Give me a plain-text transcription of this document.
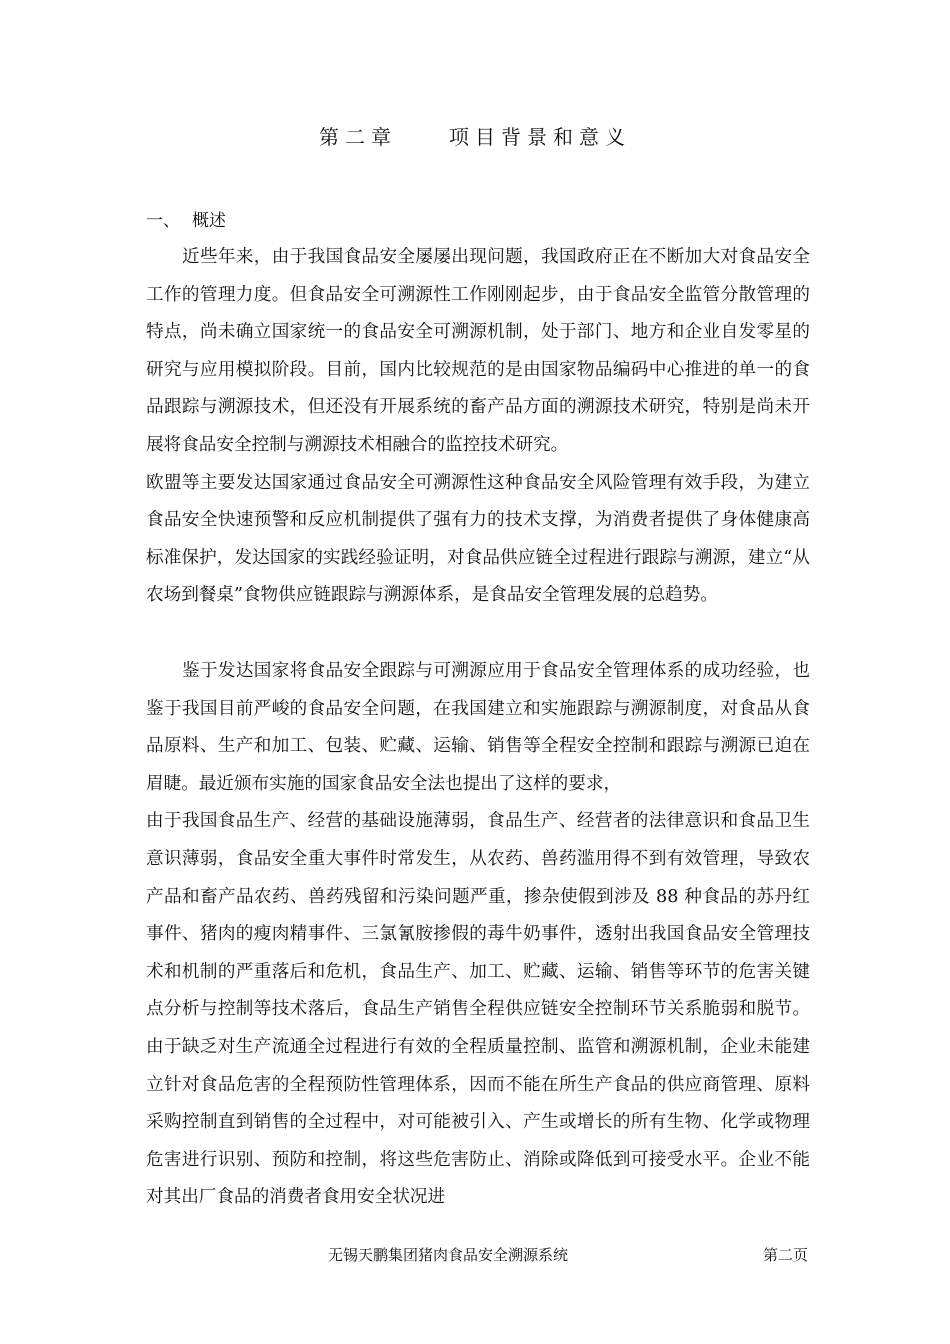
第二章	项目背景和意义
一、 概述

近些年来，由于我国食品安全屡屡出现问题，我国政府正在不断加大对食品安全工作的管理力度。但食品安全可溯源性工作刚刚起步，由于食品安全监管分散管理的特点，尚未确立国家统一的食品安全可溯源机制，处于部门、地方和企业自发零星的研究与应用模拟阶段。目前，国内比较规范的是由国家物品编码中心推进的单一的食品跟踪与溯源技术，但还没有开展系统的畜产品方面的溯源技术研究，特别是尚未开展将食品安全控制与溯源技术相融合的监控技术研究。

欧盟等主要发达国家通过食品安全可溯源性这种食品安全风险管理有效手段，为建立食品安全快速预警和反应机制提供了强有力的技术支撑，为消费者提供了身体健康高标准保护，发达国家的实践经验证明，对食品供应链全过程进行跟踪与溯源，建立“从农场到餐桌”食物供应链跟踪与溯源体系，是食品安全管理发展的总趋势。

鉴于发达国家将食品安全跟踪与可溯源应用于食品安全管理体系的成功经验，也鉴于我国目前严峻的食品安全问题，在我国建立和实施跟踪与溯源制度，对食品从食品原料、生产和加工、包装、贮藏、运输、销售等全程安全控制和跟踪与溯源已迫在眉睫。最近颁布实施的国家食品安全法也提出了这样的要求，

由于我国食品生产、经营的基础设施薄弱，食品生产、经营者的法律意识和食品卫生意识薄弱，食品安全重大事件时常发生，从农药、兽药滥用得不到有效管理，导致农产品和畜产品农药、兽药残留和污染问题严重，掺杂使假到涉及 88 种食品的苏丹红事件、猪肉的瘦肉精事件、三氯氰胺掺假的毒牛奶事件，透射出我国食品安全管理技术和机制的严重落后和危机，食品生产、加工、贮藏、运输、销售等环节的危害关键点分析与控制等技术落后，食品生产销售全程供应链安全控制环节关系脆弱和脱节。由于缺乏对生产流通全过程进行有效的全程质量控制、监管和溯源机制，企业未能建立针对食品危害的全程预防性管理体系，因而不能在所生产食品的供应商管理、原料采购控制直到销售的全过程中，对可能被引入、产生或增长的所有生物、化学或物理危害进行识别、预防和控制，将这些危害防止、消除或降低到可接受水平。企业不能对其出厂食品的消费者食用安全状况进

无锡天鹏集团猪肉食品安全溯源系统	第二页
